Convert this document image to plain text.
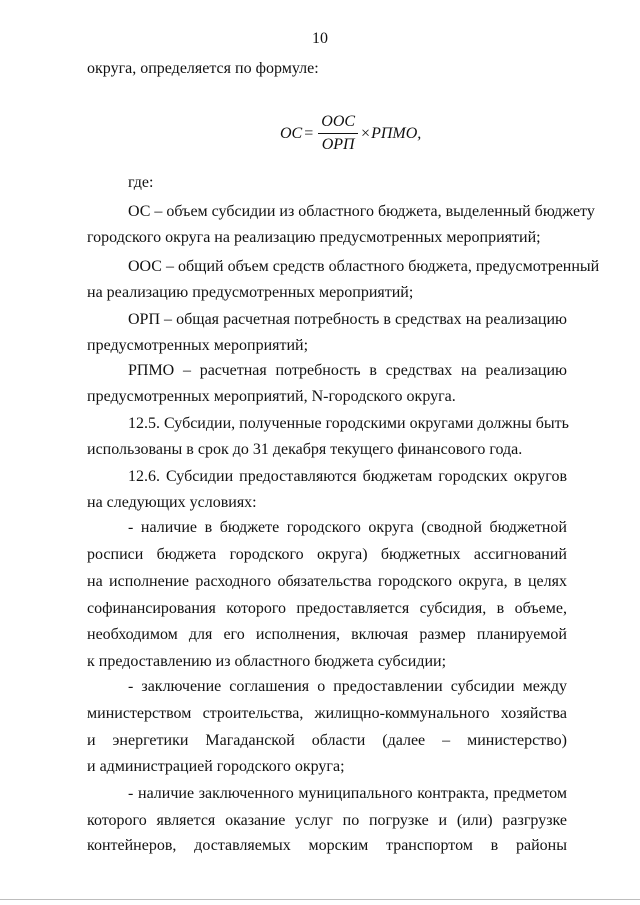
10
округа, определяется по формуле:
ОС = $\frac{\text{ООС}}{\text{ОРП}}$ × РПМО,
где:
ОС – объем субсидии из областного бюджета, выделенный бюджету
городского округа на реализацию предусмотренных мероприятий;
ООС – общий объем средств областного бюджета, предусмотренный
на реализацию предусмотренных мероприятий;
ОРП – общая расчетная потребность в средствах на реализацию
предусмотренных мероприятий;
РПМО – расчетная потребность в средствах на реализацию
предусмотренных мероприятий, N-городского округа.
12.5. Субсидии, полученные городскими округами должны быть
использованы в срок до 31 декабря текущего финансового года.
12.6. Субсидии предоставляются бюджетам городских округов
на следующих условиях:
- наличие в бюджете городского округа (сводной бюджетной
росписи бюджета городского округа) бюджетных ассигнований
на исполнение расходного обязательства городского округа, в целях
софинансирования которого предоставляется субсидия, в объеме,
необходимом для его исполнения, включая размер планируемой
к предоставлению из областного бюджета субсидии;
- заключение соглашения о предоставлении субсидии между
министерством строительства, жилищно-коммунального хозяйства
и энергетики Магаданской области (далее – министерство)
и администрацией городского округа;
- наличие заключенного муниципального контракта, предметом
которого является оказание услуг по погрузке и (или) разгрузке
контейнеров, доставляемых морским транспортом в районы
